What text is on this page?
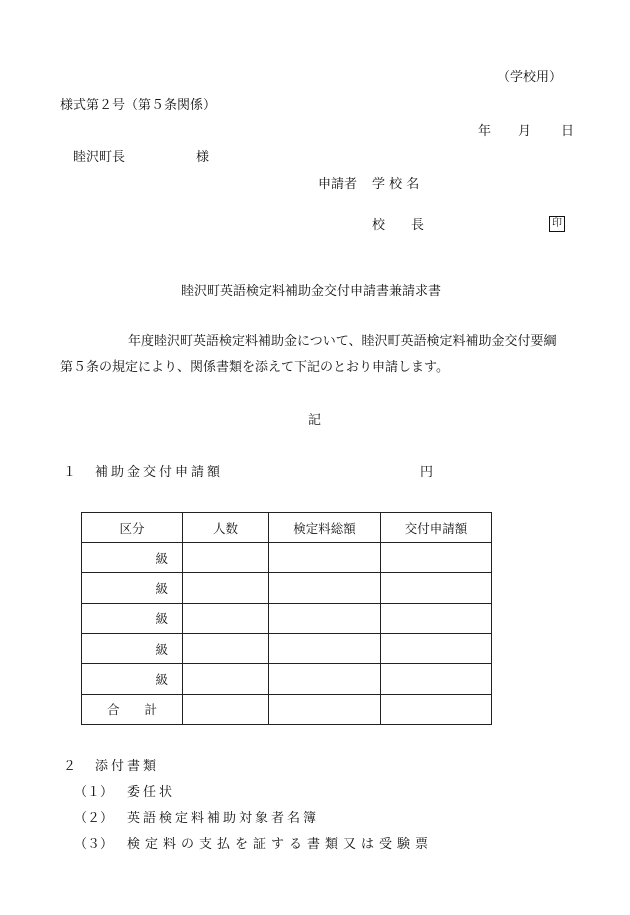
（学校用）
様式第２号（第５条関係）
年 月 日
睦沢町長	様
申請者 学 校 名
校　　長	印
睦沢町英語検定料補助金交付申請書兼請求書
年度睦沢町英語検定料補助金について、睦沢町英語検定料補助金交付要綱
第５条の規定により、関係書類を添えて下記のとおり申請します。
記
１ 補助金交付申請額	円
区分	人数	検定料総額	交付申請額
級			
級			
級			
級			
級			
合　　計			
２ 添付書類
（１） 委任状
（２） 英語検定料補助対象者名簿
（３） 検定料の支払を証する書類又は受験票
